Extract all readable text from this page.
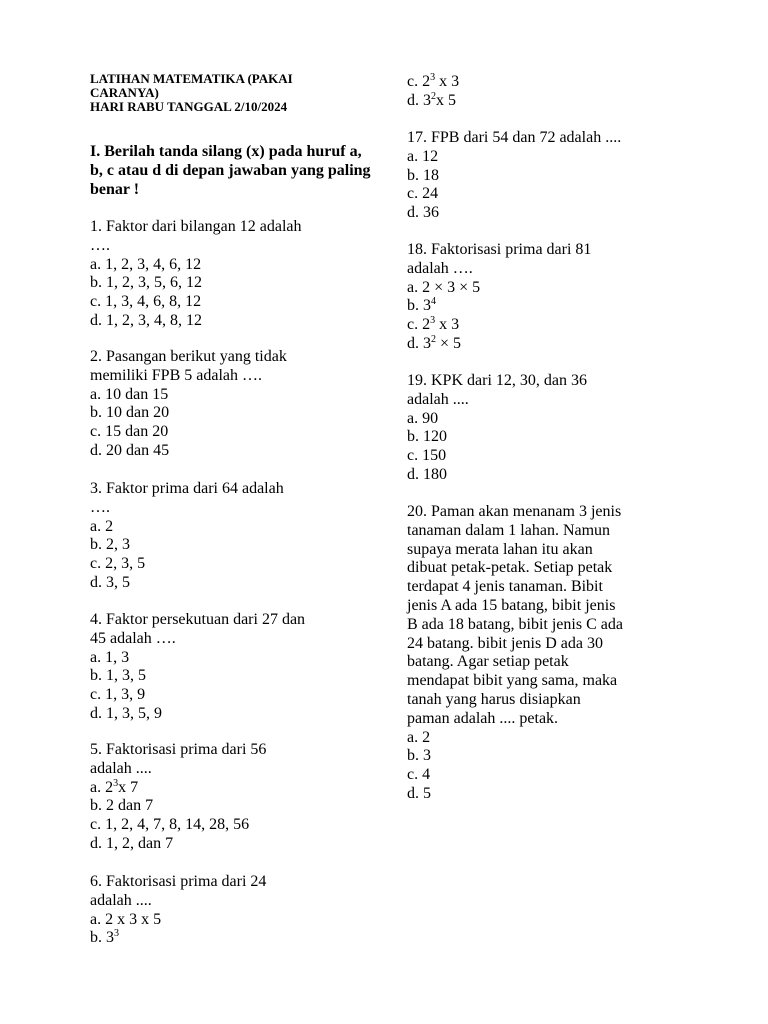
LATIHAN MATEMATIKA (PAKAI
CARANYA)
HARI RABU TANGGAL 2/10/2024
I. Berilah tanda silang (x) pada huruf a, b, c atau d di depan jawaban yang paling benar !

1. Faktor dari bilangan 12 adalah

….

a. 1, 2, 3, 4, 6, 12

b. 1, 2, 3, 5, 6, 12

c. 1, 3, 4, 6, 8, 12

d. 1, 2, 3, 4, 8, 12

2. Pasangan berikut yang tidak

memiliki FPB 5 adalah ….

a. 10 dan 15

b. 10 dan 20

c. 15 dan 20

d. 20 dan 45

3. Faktor prima dari 64 adalah

….

a. 2

b. 2, 3

c. 2, 3, 5

d. 3, 5

4. Faktor persekutuan dari 27 dan

45 adalah ….

a. 1, 3

b. 1, 3, 5

c. 1, 3, 9

d. 1, 3, 5, 9

5. Faktorisasi prima dari 56

adalah ....

a. $2^3x$ 7

b. 2 dan 7

c. 1, 2, 4, 7, 8, 14, 28, 56

d. 1, 2, dan 7

6. Faktorisasi prima dari 24

adalah ....

a. 2 x 3 x 5

b. $3^3$

c. $2^3$ x 3

d. $3^2x$ 5

17. FPB dari 54 dan 72 adalah ....

a. 12

b. 18

c. 24

d. 36

18. Faktorisasi prima dari 81

adalah ….

a. 2 × 3 × 5

b. $3^4$

c. $2^3$ x 3

d. $3^2 \times 5$

19. KPK dari 12, 30, dan 36

adalah ....

a. 90

b. 120

c. 150

d. 180

20. Paman akan menanam 3 jenis

tanaman dalam 1 lahan. Namun

supaya merata lahan itu akan

dibuat petak-petak. Setiap petak

terdapat 4 jenis tanaman. Bibit

jenis A ada 15 batang, bibit jenis

B ada 18 batang, bibit jenis C ada

24 batang. bibit jenis D ada 30

batang. Agar setiap petak

mendapat bibit yang sama, maka

tanah yang harus disiapkan

paman adalah .... petak.

a. 2

b. 3

c. 4

d. 5
